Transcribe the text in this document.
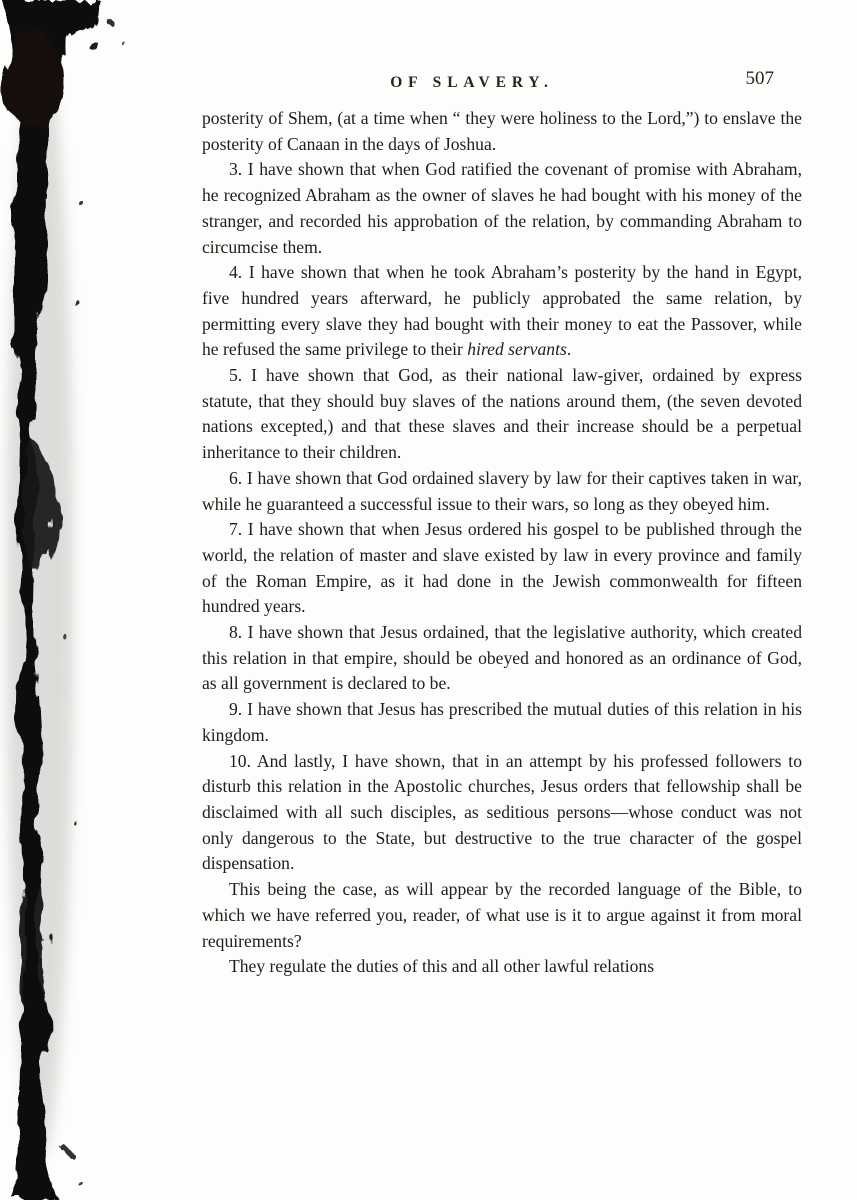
OF SLAVERY.	507

posterity of Shem, (at a time when “ they were holiness to the Lord,”) to enslave the posterity of Canaan in the days of Joshua.

3. I have shown that when God ratified the covenant of promise with Abraham, he recognized Abraham as the owner of slaves he had bought with his money of the stranger, and recorded his approbation of the relation, by commanding Abraham to circumcise them.

4. I have shown that when he took Abraham’s posterity by the hand in Egypt, five hundred years afterward, he publicly approbated the same relation, by permitting every slave they had bought with their money to eat the Passover, while he refused the same privilege to their hired servants.

5. I have shown that God, as their national law-giver, ordained by express statute, that they should buy slaves of the nations around them, (the seven devoted nations excepted,) and that these slaves and their increase should be a perpetual inheritance to their children.

6. I have shown that God ordained slavery by law for their captives taken in war, while he guaranteed a successful issue to their wars, so long as they obeyed him.

7. I have shown that when Jesus ordered his gospel to be published through the world, the relation of master and slave existed by law in every province and family of the Roman Empire, as it had done in the Jewish commonwealth for fifteen hundred years.

8. I have shown that Jesus ordained, that the legislative authority, which created this relation in that empire, should be obeyed and honored as an ordinance of God, as all government is declared to be.

9. I have shown that Jesus has prescribed the mutual duties of this relation in his kingdom.

10. And lastly, I have shown, that in an attempt by his professed followers to disturb this relation in the Apostolic churches, Jesus orders that fellowship shall be disclaimed with all such disciples, as seditious persons—whose conduct was not only dangerous to the State, but destructive to the true character of the gospel dispensation.

This being the case, as will appear by the recorded language of the Bible, to which we have referred you, reader, of what use is it to argue against it from moral requirements?

They regulate the duties of this and all other lawful relations
